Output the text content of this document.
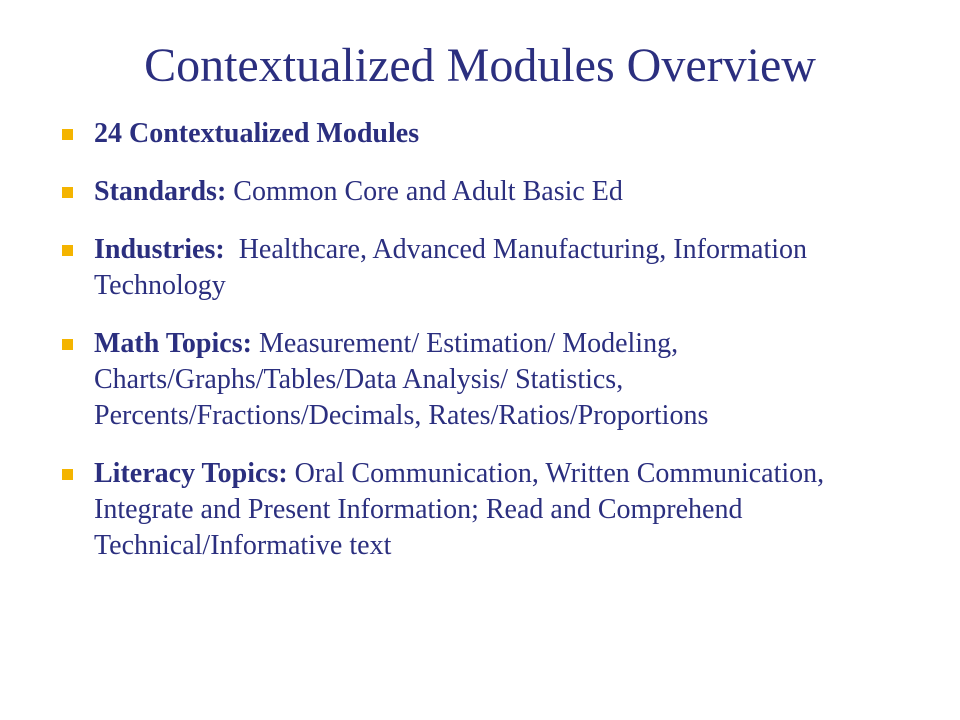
Contextualized Modules Overview
24 Contextualized Modules
Standards: Common Core and Adult Basic Ed
Industries:  Healthcare, Advanced Manufacturing, Information Technology
Math Topics: Measurement/ Estimation/ Modeling, Charts/Graphs/Tables/Data Analysis/ Statistics, Percents/Fractions/Decimals, Rates/Ratios/Proportions
Literacy Topics: Oral Communication, Written Communication, Integrate and Present Information; Read and Comprehend Technical/Informative text
